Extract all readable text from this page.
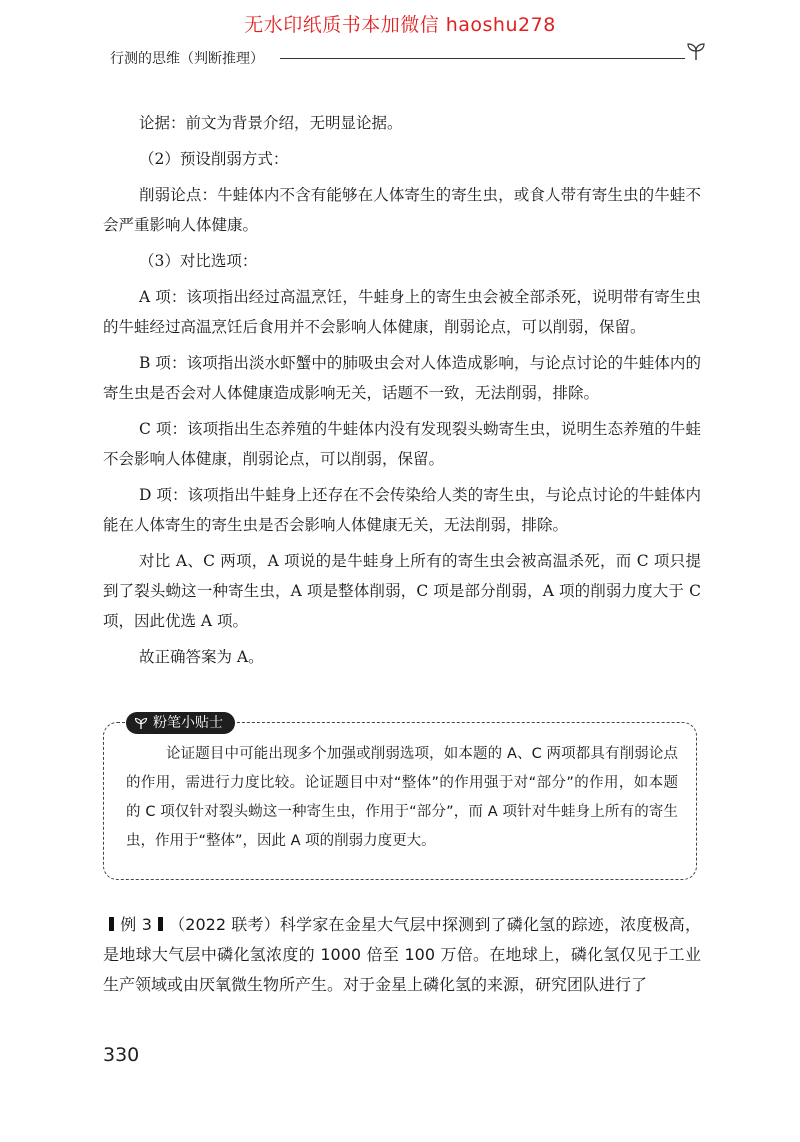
无水印纸质书本加微信 haoshu278
行测的思维（判断推理）

论据：前文为背景介绍，无明显论据。

（2）预设削弱方式：

削弱论点：牛蛙体内不含有能够在人体寄生的寄生虫，或食人带有寄生虫的牛蛙不会严重影响人体健康。

（3）对比选项：

A 项：该项指出经过高温烹饪，牛蛙身上的寄生虫会被全部杀死，说明带有寄生虫的牛蛙经过高温烹饪后食用并不会影响人体健康，削弱论点，可以削弱，保留。

B 项：该项指出淡水虾蟹中的肺吸虫会对人体造成影响，与论点讨论的牛蛙体内的寄生虫是否会对人体健康造成影响无关，话题不一致，无法削弱，排除。

C 项：该项指出生态养殖的牛蛙体内没有发现裂头蚴寄生虫，说明生态养殖的牛蛙不会影响人体健康，削弱论点，可以削弱，保留。

D 项：该项指出牛蛙身上还存在不会传染给人类的寄生虫，与论点讨论的牛蛙体内能在人体寄生的寄生虫是否会影响人体健康无关，无法削弱，排除。

对比 A、C 两项，A 项说的是牛蛙身上所有的寄生虫会被高温杀死，而 C 项只提到了裂头蚴这一种寄生虫，A 项是整体削弱，C 项是部分削弱，A 项的削弱力度大于 C 项，因此优选 A 项。

故正确答案为 A。

粉笔小贴士

论证题目中可能出现多个加强或削弱选项，如本题的 A、C 两项都具有削弱论点的作用，需进行力度比较。论证题目中对“整体”的作用强于对“部分”的作用，如本题的 C 项仅针对裂头蚴这一种寄生虫，作用于“部分”，而 A 项针对牛蛙身上所有的寄生虫，作用于“整体”，因此 A 项的削弱力度更大。

例 3 （2022 联考）科学家在金星大气层中探测到了磷化氢的踪迹，浓度极高，是地球大气层中磷化氢浓度的 1000 倍至 100 万倍。在地球上，磷化氢仅见于工业生产领域或由厌氧微生物所产生。对于金星上磷化氢的来源，研究团队进行了
330
